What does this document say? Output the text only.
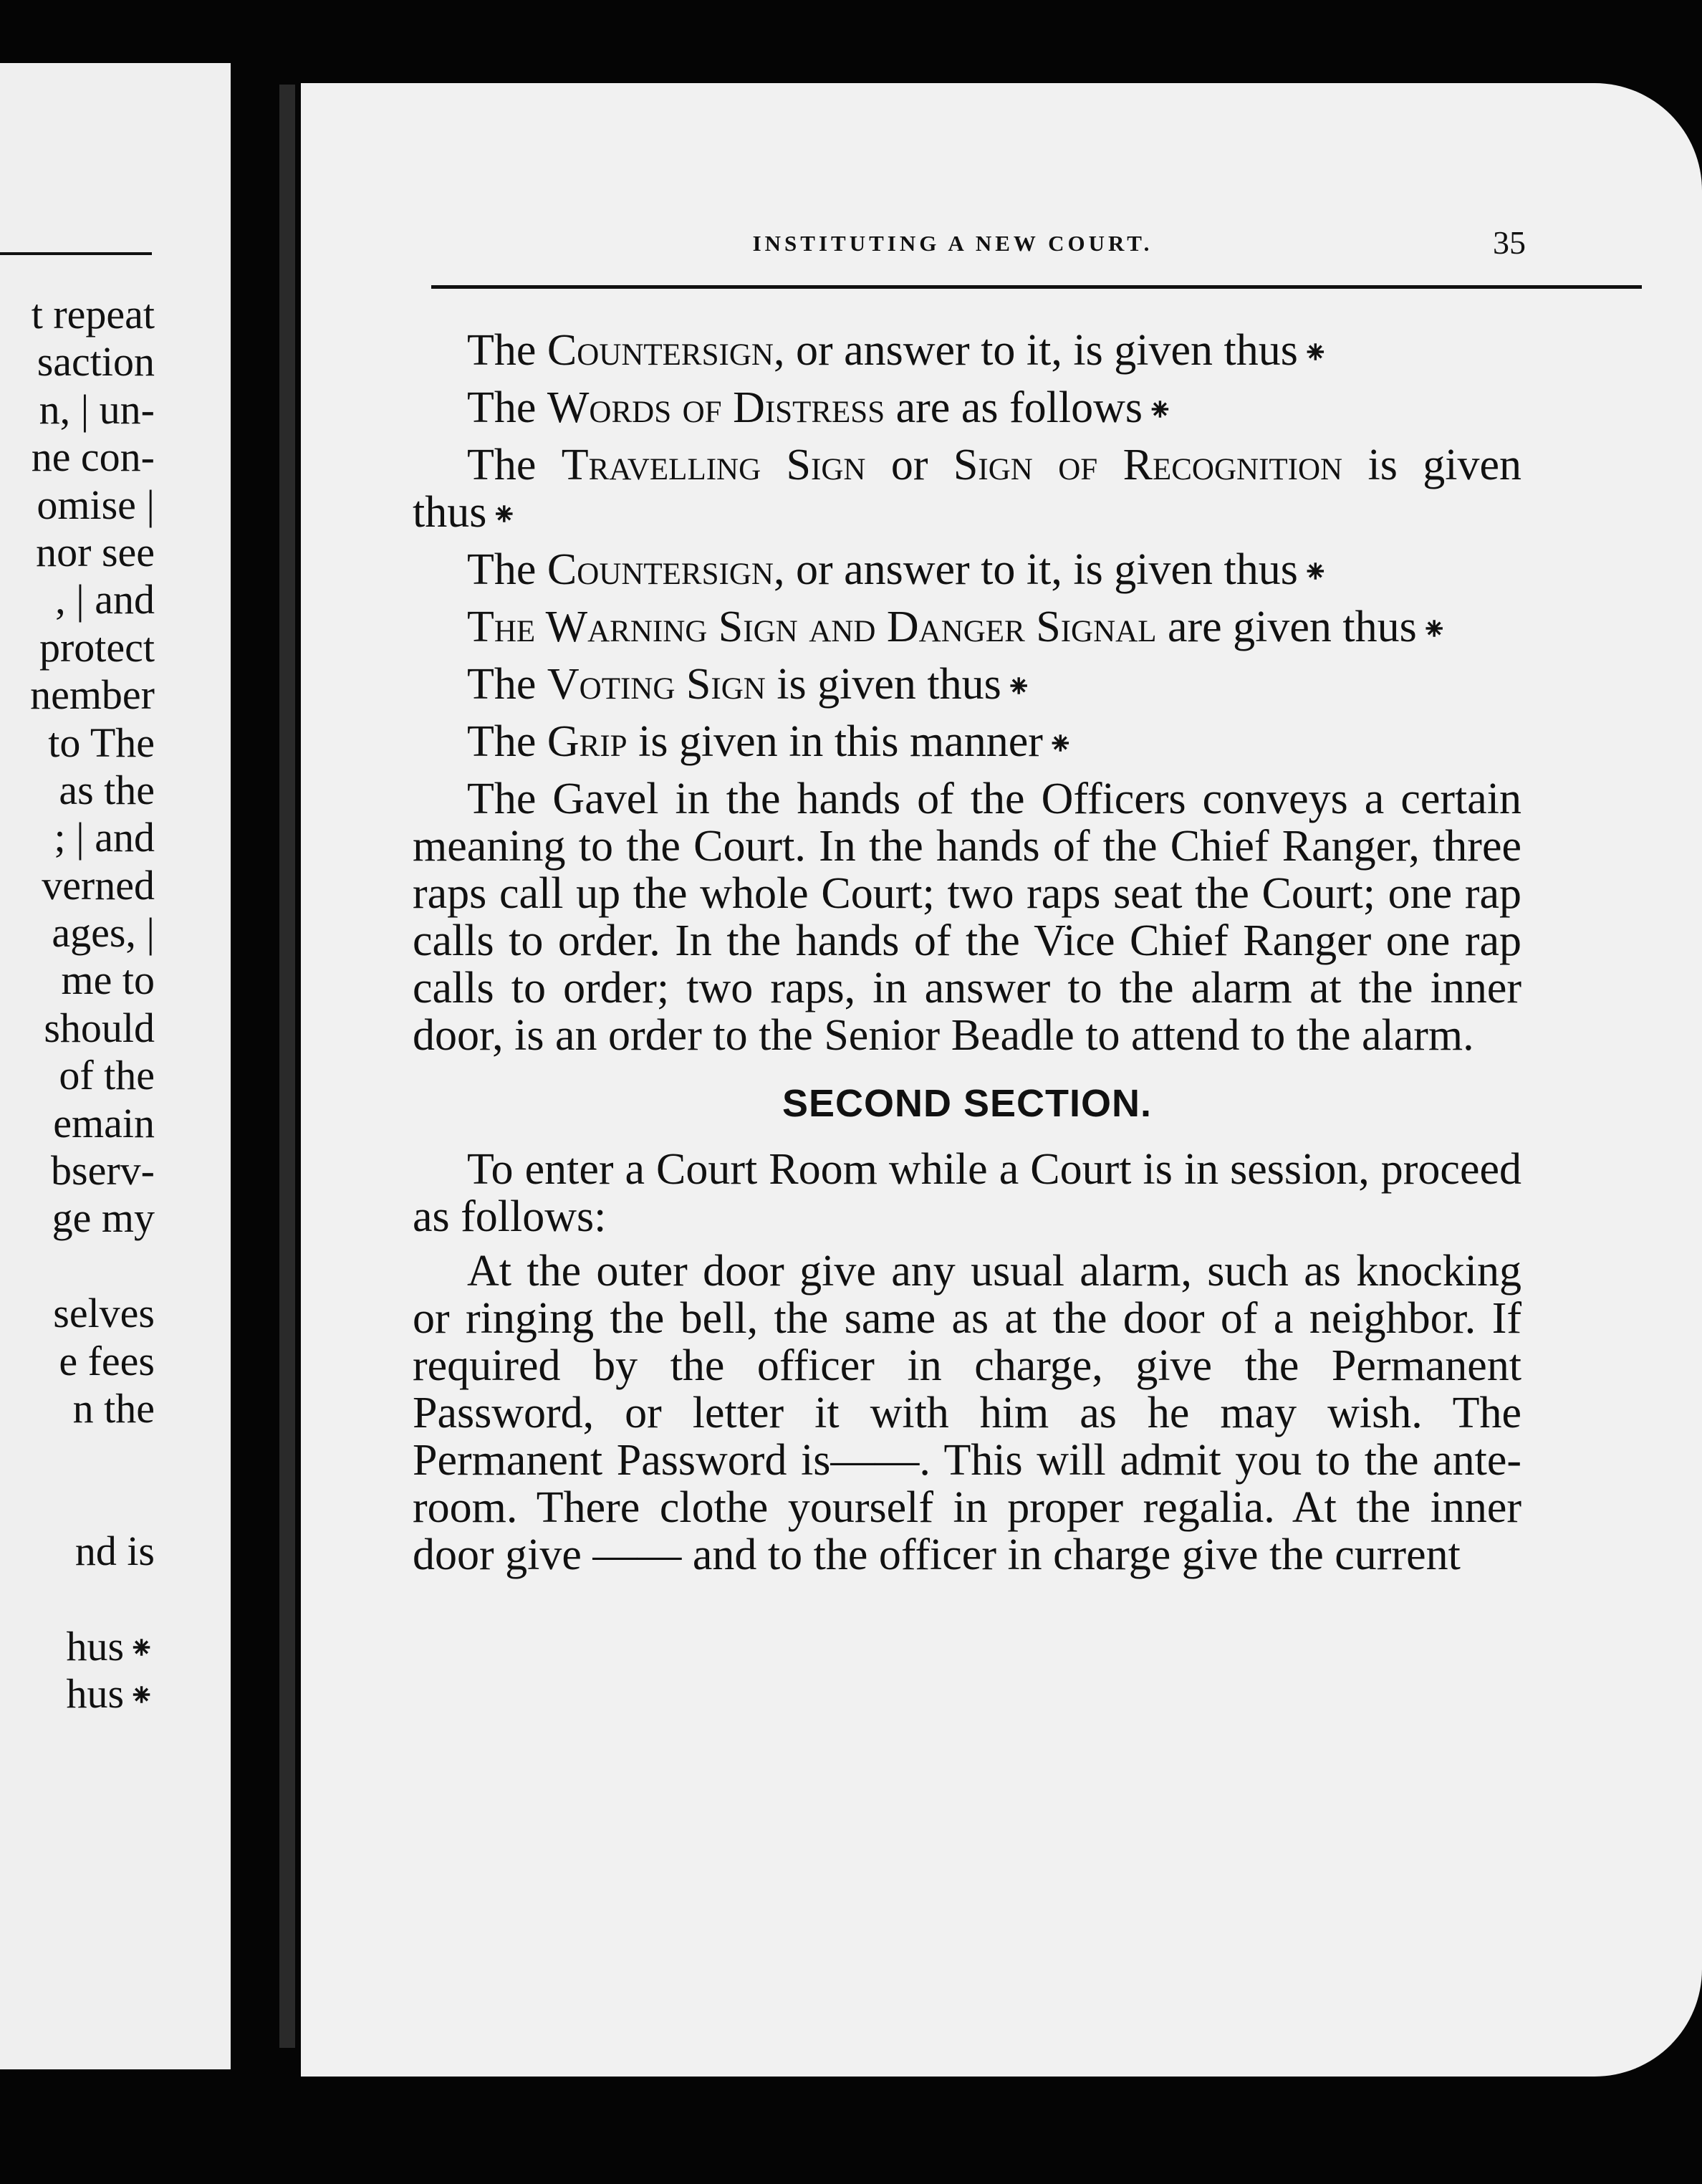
t repeat
saction
n, | un-
ne con-
omise |
nor see
, | and
protect
nember
to The
as the
; | and
verned
ages, |
me to
should
of the
emain
bserv-
ge my
selves
e fees
n the
nd is
hus ⁕
hus ⁕
INSTITUTING A NEW COURT.	35

The Countersign, or answer to it, is given thus ⁕

The Words of Distress are as follows ⁕

The Travelling Sign or Sign of Recognition is given thus ⁕

The Countersign, or answer to it, is given thus ⁕

The Warning Sign and Danger Signal are given thus ⁕

The Voting Sign is given thus ⁕

The Grip is given in this manner ⁕

The Gavel in the hands of the Officers conveys a certain meaning to the Court. In the hands of the Chief Ranger, three raps call up the whole Court; two raps seat the Court; one rap calls to order. In the hands of the Vice Chief Ranger one rap calls to order; two raps, in answer to the alarm at the inner door, is an order to the Senior Beadle to attend to the alarm.

SECOND SECTION.

To enter a Court Room while a Court is in session, proceed as follows:

At the outer door give any usual alarm, such as knocking or ringing the bell, the same as at the door of a neighbor. If required by the officer in charge, give the Permanent Password, or letter it with him as he may wish. The Permanent Password is——. This will admit you to the ante-room. There clothe yourself in proper regalia. At the inner door give —— and to the officer in charge give the current
